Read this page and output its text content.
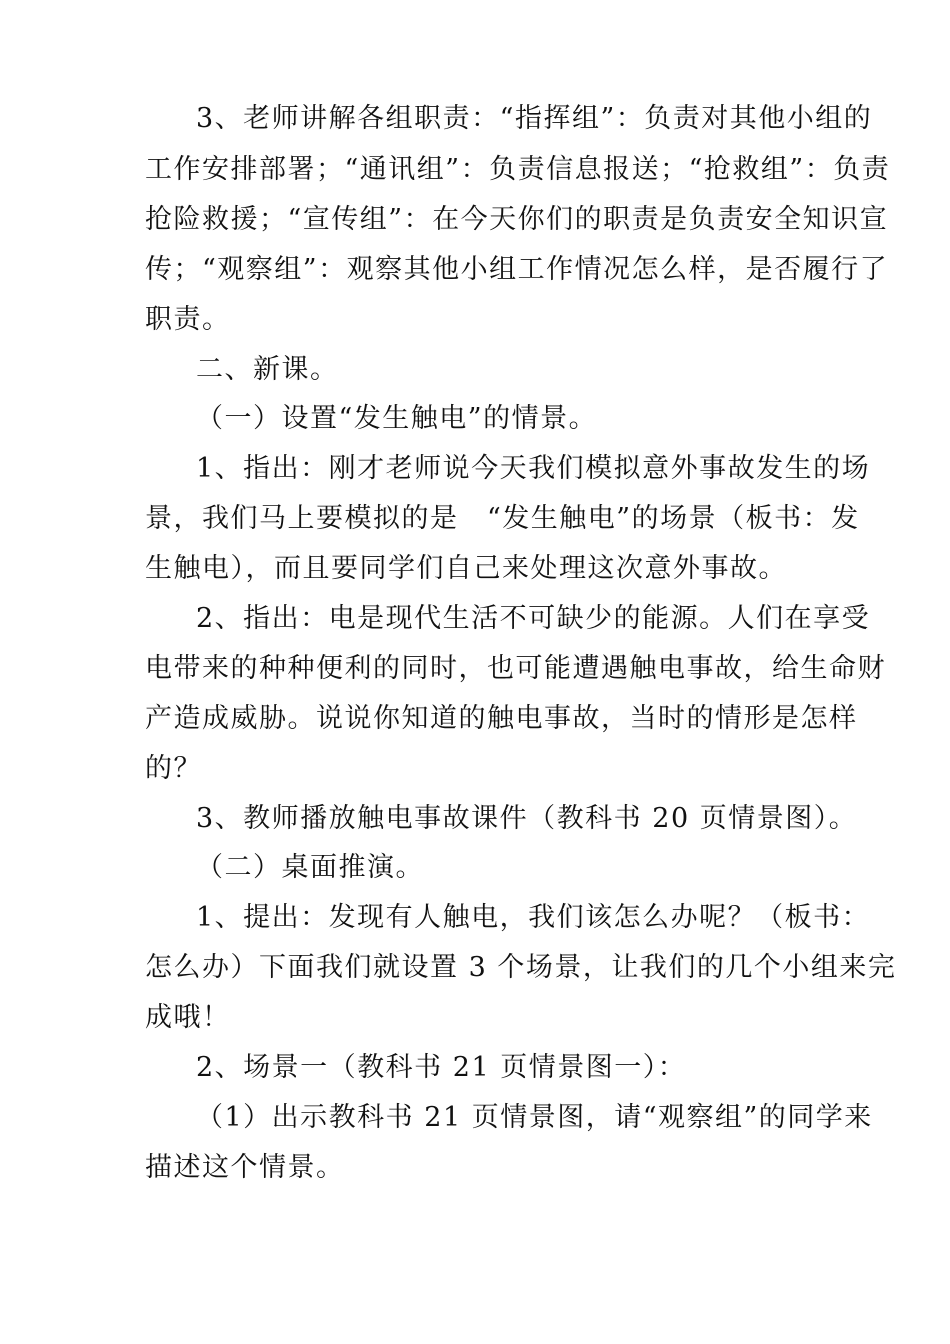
3、老师讲解各组职责：“指挥组”：负责对其他小组的
工作安排部署；“通讯组”：负责信息报送；“抢救组”：负责
抢险救援；“宣传组”：在今天你们的职责是负责安全知识宣
传；“观察组”：观察其他小组工作情况怎么样，是否履行了
职责。
二、新课。
（一）设置“发生触电”的情景。
1、指出：刚才老师说今天我们模拟意外事故发生的场
景，我们马上要模拟的是　“发生触电”的场景（板书：发
生触电），而且要同学们自己来处理这次意外事故。
2、指出：电是现代生活不可缺少的能源。人们在享受
电带来的种种便利的同时，也可能遭遇触电事故，给生命财
产造成威胁。说说你知道的触电事故，当时的情形是怎样
的？
3、教师播放触电事故课件（教科书 20 页情景图）。
（二）桌面推演。
1、提出：发现有人触电，我们该怎么办呢？（板书：
怎么办）下面我们就设置 3 个场景，让我们的几个小组来完
成哦！
2、场景一（教科书 21 页情景图一）：
（1）出示教科书 21 页情景图，请“观察组”的同学来
描述这个情景。
